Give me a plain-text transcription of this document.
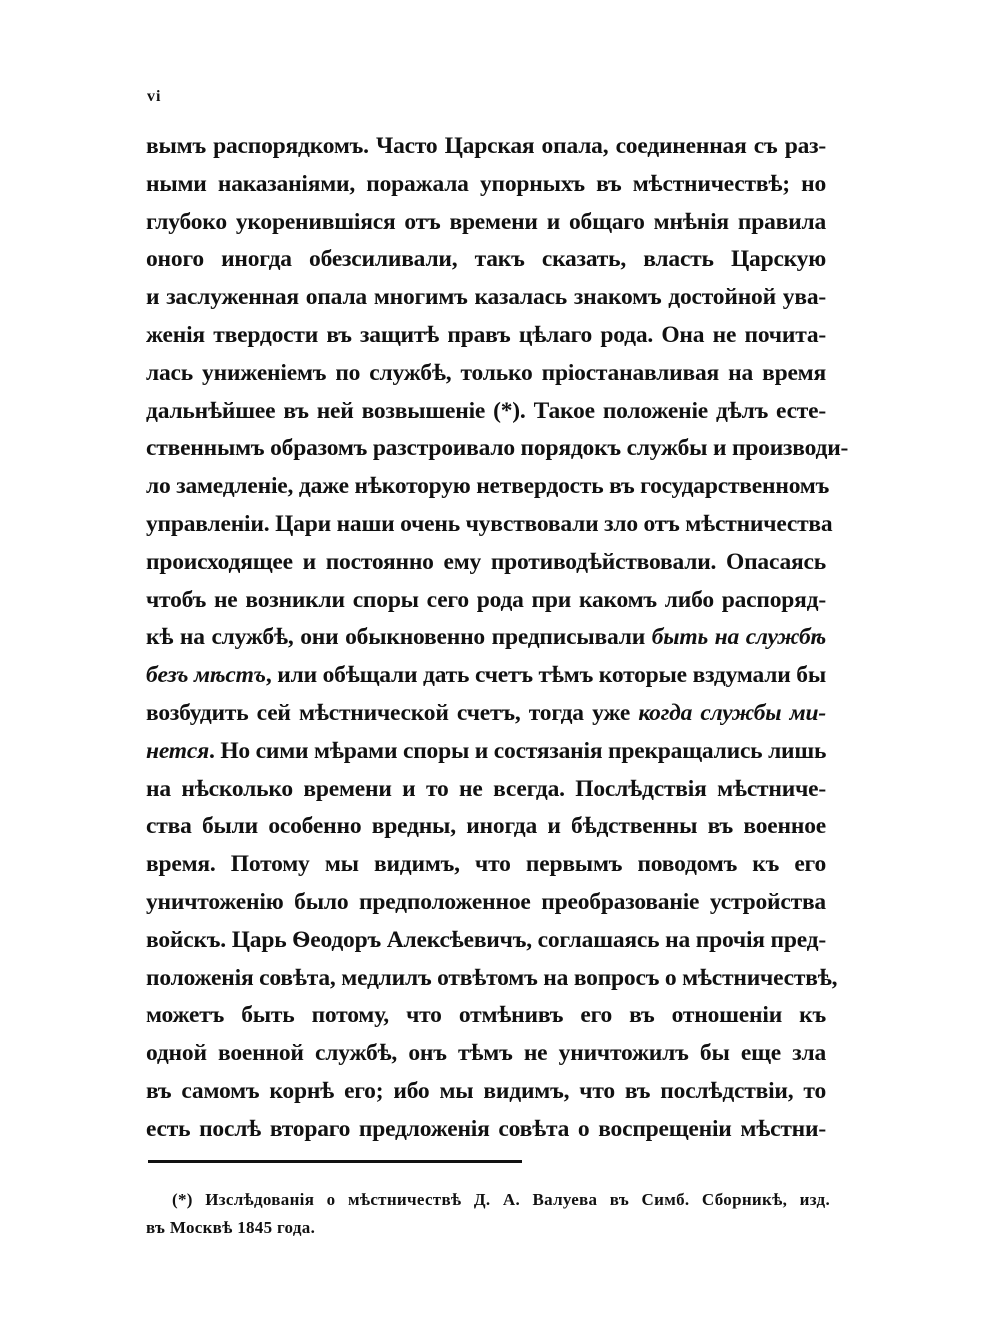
vi
вымъ распорядкомъ. Часто Царская опала, соединенная съ раз-
ными наказаніями, поражала упорныхъ въ мѣстничествѣ; но
глубоко укоренившіяся отъ времени и общаго мнѣнія правила
оного иногда обезсиливали, такъ сказать, власть Царскую
и заслуженная опала многимъ казалась знакомъ достойной ува-
женія твердости въ защитѣ правъ цѣлаго рода. Она не почита-
лась униженіемъ по службѣ, только пріостанавливая на время
дальнѣйшее въ ней возвышеніе (*). Такое положеніе дѣлъ есте-
ственнымъ образомъ разстроивало порядокъ службы и производи-
ло замедленіе, даже нѣкоторую нетвердость въ государственномъ
управленіи. Цари наши очень чувствовали зло отъ мѣстничества
происходящее и постоянно ему противодѣйствовали. Опасаясь
чтобъ не возникли споры сего рода при какомъ либо распоряд-
кѣ на службѣ, они обыкновенно предписывали быть на службѣ
безъ мѣстъ, или обѣщали дать счетъ тѣмъ которые вздумали бы
возбудить сей мѣстнической счетъ, тогда уже когда службы ми-
нется. Но сими мѣрами споры и состязанія прекращались лишь
на нѣсколько времени и то не всегда. Послѣдствія мѣстниче-
ства были особенно вредны, иногда и бѣдственны въ военное
время. Потому мы видимъ, что первымъ поводомъ къ его
уничтоженію было предположенное преобразованіе устройства
войскъ. Царь Ѳеодоръ Алексѣевичъ, соглашаясь на прочія пред-
положенія совѣта, медлилъ отвѣтомъ на вопросъ о мѣстничествѣ,
можетъ быть потому, что отмѣнивъ его въ отношеніи къ
одной военной службѣ, онъ тѣмъ не уничтожилъ бы еще зла
въ самомъ корнѣ его; ибо мы видимъ, что въ послѣдствіи, то
есть послѣ втораго предложенія совѣта о воспрещеніи мѣстни-
(*) Изслѣдованія о мѣстничествѣ Д. А. Валуева въ Симб. Сборникѣ, изд.
въ Москвѣ 1845 года.
